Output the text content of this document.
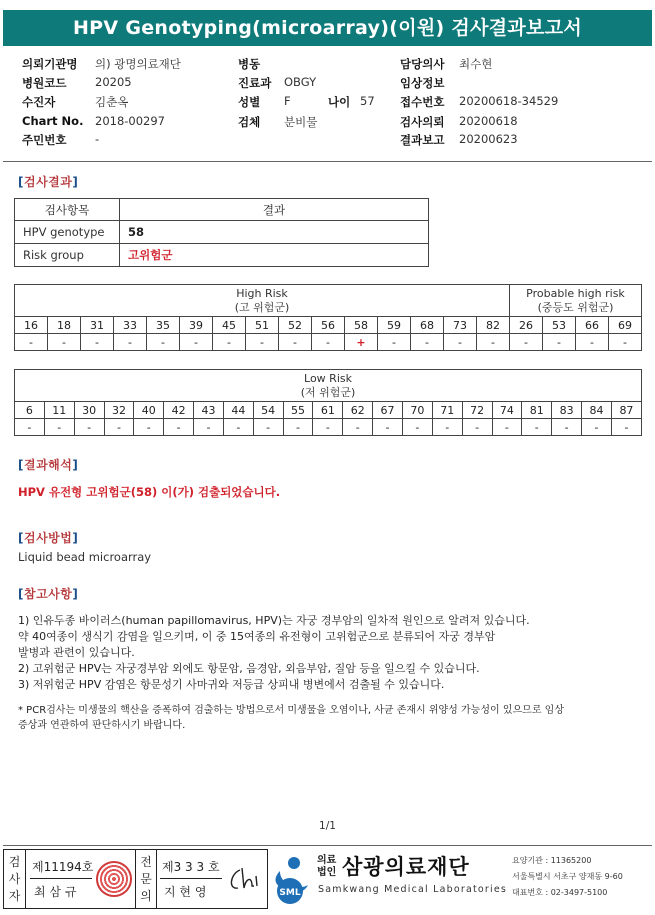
HPV Genotyping(microarray)(이원) 검사결과보고서
의뢰기관명 의) 광명의료재단	병동	담당의사 최수현
병원코드 20205	진료과 OBGY	임상정보
수진자	김춘옥	성별 F	나이 57 접수번호 20200618-34529
Chart No. 2018-00297	검체 분비물	검사의뢰 20200618
주민번호 -	결과보고 20200623
[검사결과]
검사항목	결과
HPV genotype	58
Risk group	고위험군
High Risk
(고 위험군)															Probable high risk
(중등도 위험군)			
16	18	31	33	35	39	45	51	52	56	58	59	68	73	82	26	53	66	69
-	-	-	-	-	-	-	-	-	-	+	-	-	-	-	-	-	-	-
Low Risk
(저 위험군)																				
6	11	30	32	40	42	43	44	54	55	61	62	67	70	71	72	74	81	83	84	87
-	-	-	-	-	-	-	-	-	-	-	-	-	-	-	-	-	-	-	-	-
[결과해석]
HPV 유전형 고위험군(58) 이(가) 검출되었습니다.
[검사방법]
Liquid bead microarray
[참고사항]
1) 인유두종 바이러스(human papillomavirus, HPV)는 자궁 경부암의 일차적 원인으로 알려져 있습니다.
약 40여종이 생식기 감염을 일으키며, 이 중 15여종의 유전형이 고위험군으로 분류되어 자궁 경부암
발병과 관련이 있습니다.
2) 고위험군 HPV는 자궁경부암 외에도 항문암, 음경암, 외음부암, 질암 등을 일으킬 수 있습니다.
3) 저위험군 HPV 감염은 항문성기 사마귀와 저등급 상피내 병변에서 검출될 수 있습니다.
* PCR검사는 미생물의 핵산을 증폭하여 검출하는 방법으로서 미생물을 오염이나, 사균 존재시 위양성 가능성이 있으므로 임상
증상과 연관하여 판단하시기 바랍니다.
1/1
검
사
자
제11194호
최 삼 규
전
문
의
제3 3 3 호
지 현 영	SML
의료
법인 삼광의료재단
Samkwang Medical Laboratories
요양기관 : 11365200
서울특별시 서초구 양재동 9-60
대표번호 : 02-3497-5100
